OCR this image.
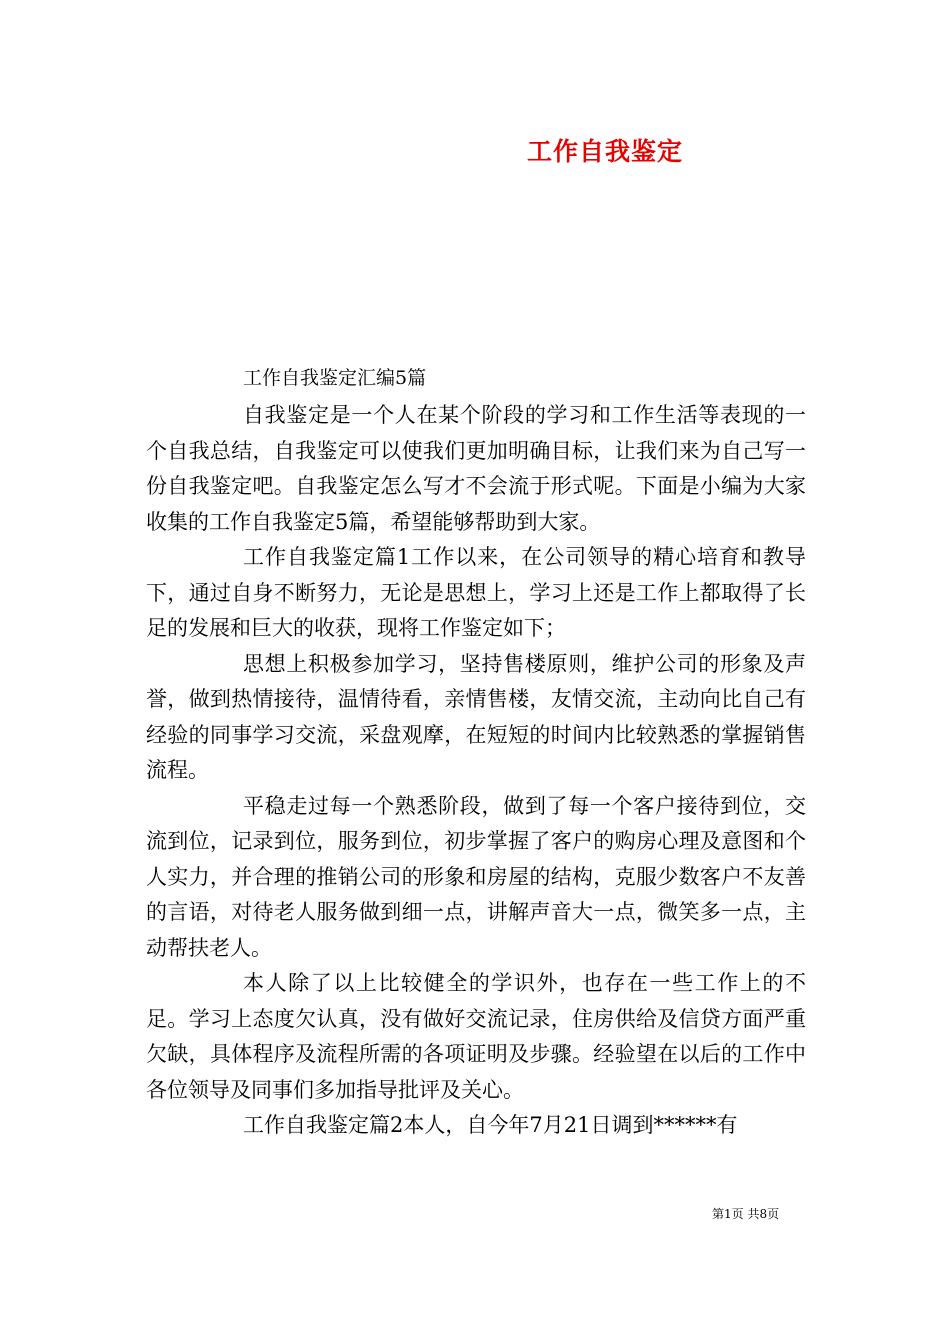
工作自我鉴定
工作自我鉴定汇编5篇

自我鉴定是一个人在某个阶段的学习和工作生活等表现的一个自我总结，自我鉴定可以使我们更加明确目标，让我们来为自己写一份自我鉴定吧。自我鉴定怎么写才不会流于形式呢。下面是小编为大家收集的工作自我鉴定5篇，希望能够帮助到大家。

工作自我鉴定篇1工作以来，在公司领导的精心培育和教导下，通过自身不断努力，无论是思想上，学习上还是工作上都取得了长足的发展和巨大的收获，现将工作鉴定如下；

思想上积极参加学习，坚持售楼原则，维护公司的形象及声誉，做到热情接待，温情待看，亲情售楼，友情交流，主动向比自己有经验的同事学习交流，采盘观摩，在短短的时间内比较熟悉的掌握销售流程。

平稳走过每一个熟悉阶段，做到了每一个客户接待到位，交流到位，记录到位，服务到位，初步掌握了客户的购房心理及意图和个人实力，并合理的推销公司的形象和房屋的结构，克服少数客户不友善的言语，对待老人服务做到细一点，讲解声音大一点，微笑多一点，主动帮扶老人。

本人除了以上比较健全的学识外，也存在一些工作上的不足。学习上态度欠认真，没有做好交流记录，住房供给及信贷方面严重欠缺，具体程序及流程所需的各项证明及步骤。经验望在以后的工作中各位领导及同事们多加指导批评及关心。

工作自我鉴定篇2本人，自今年7月21日调到******有

第1页 共8页
